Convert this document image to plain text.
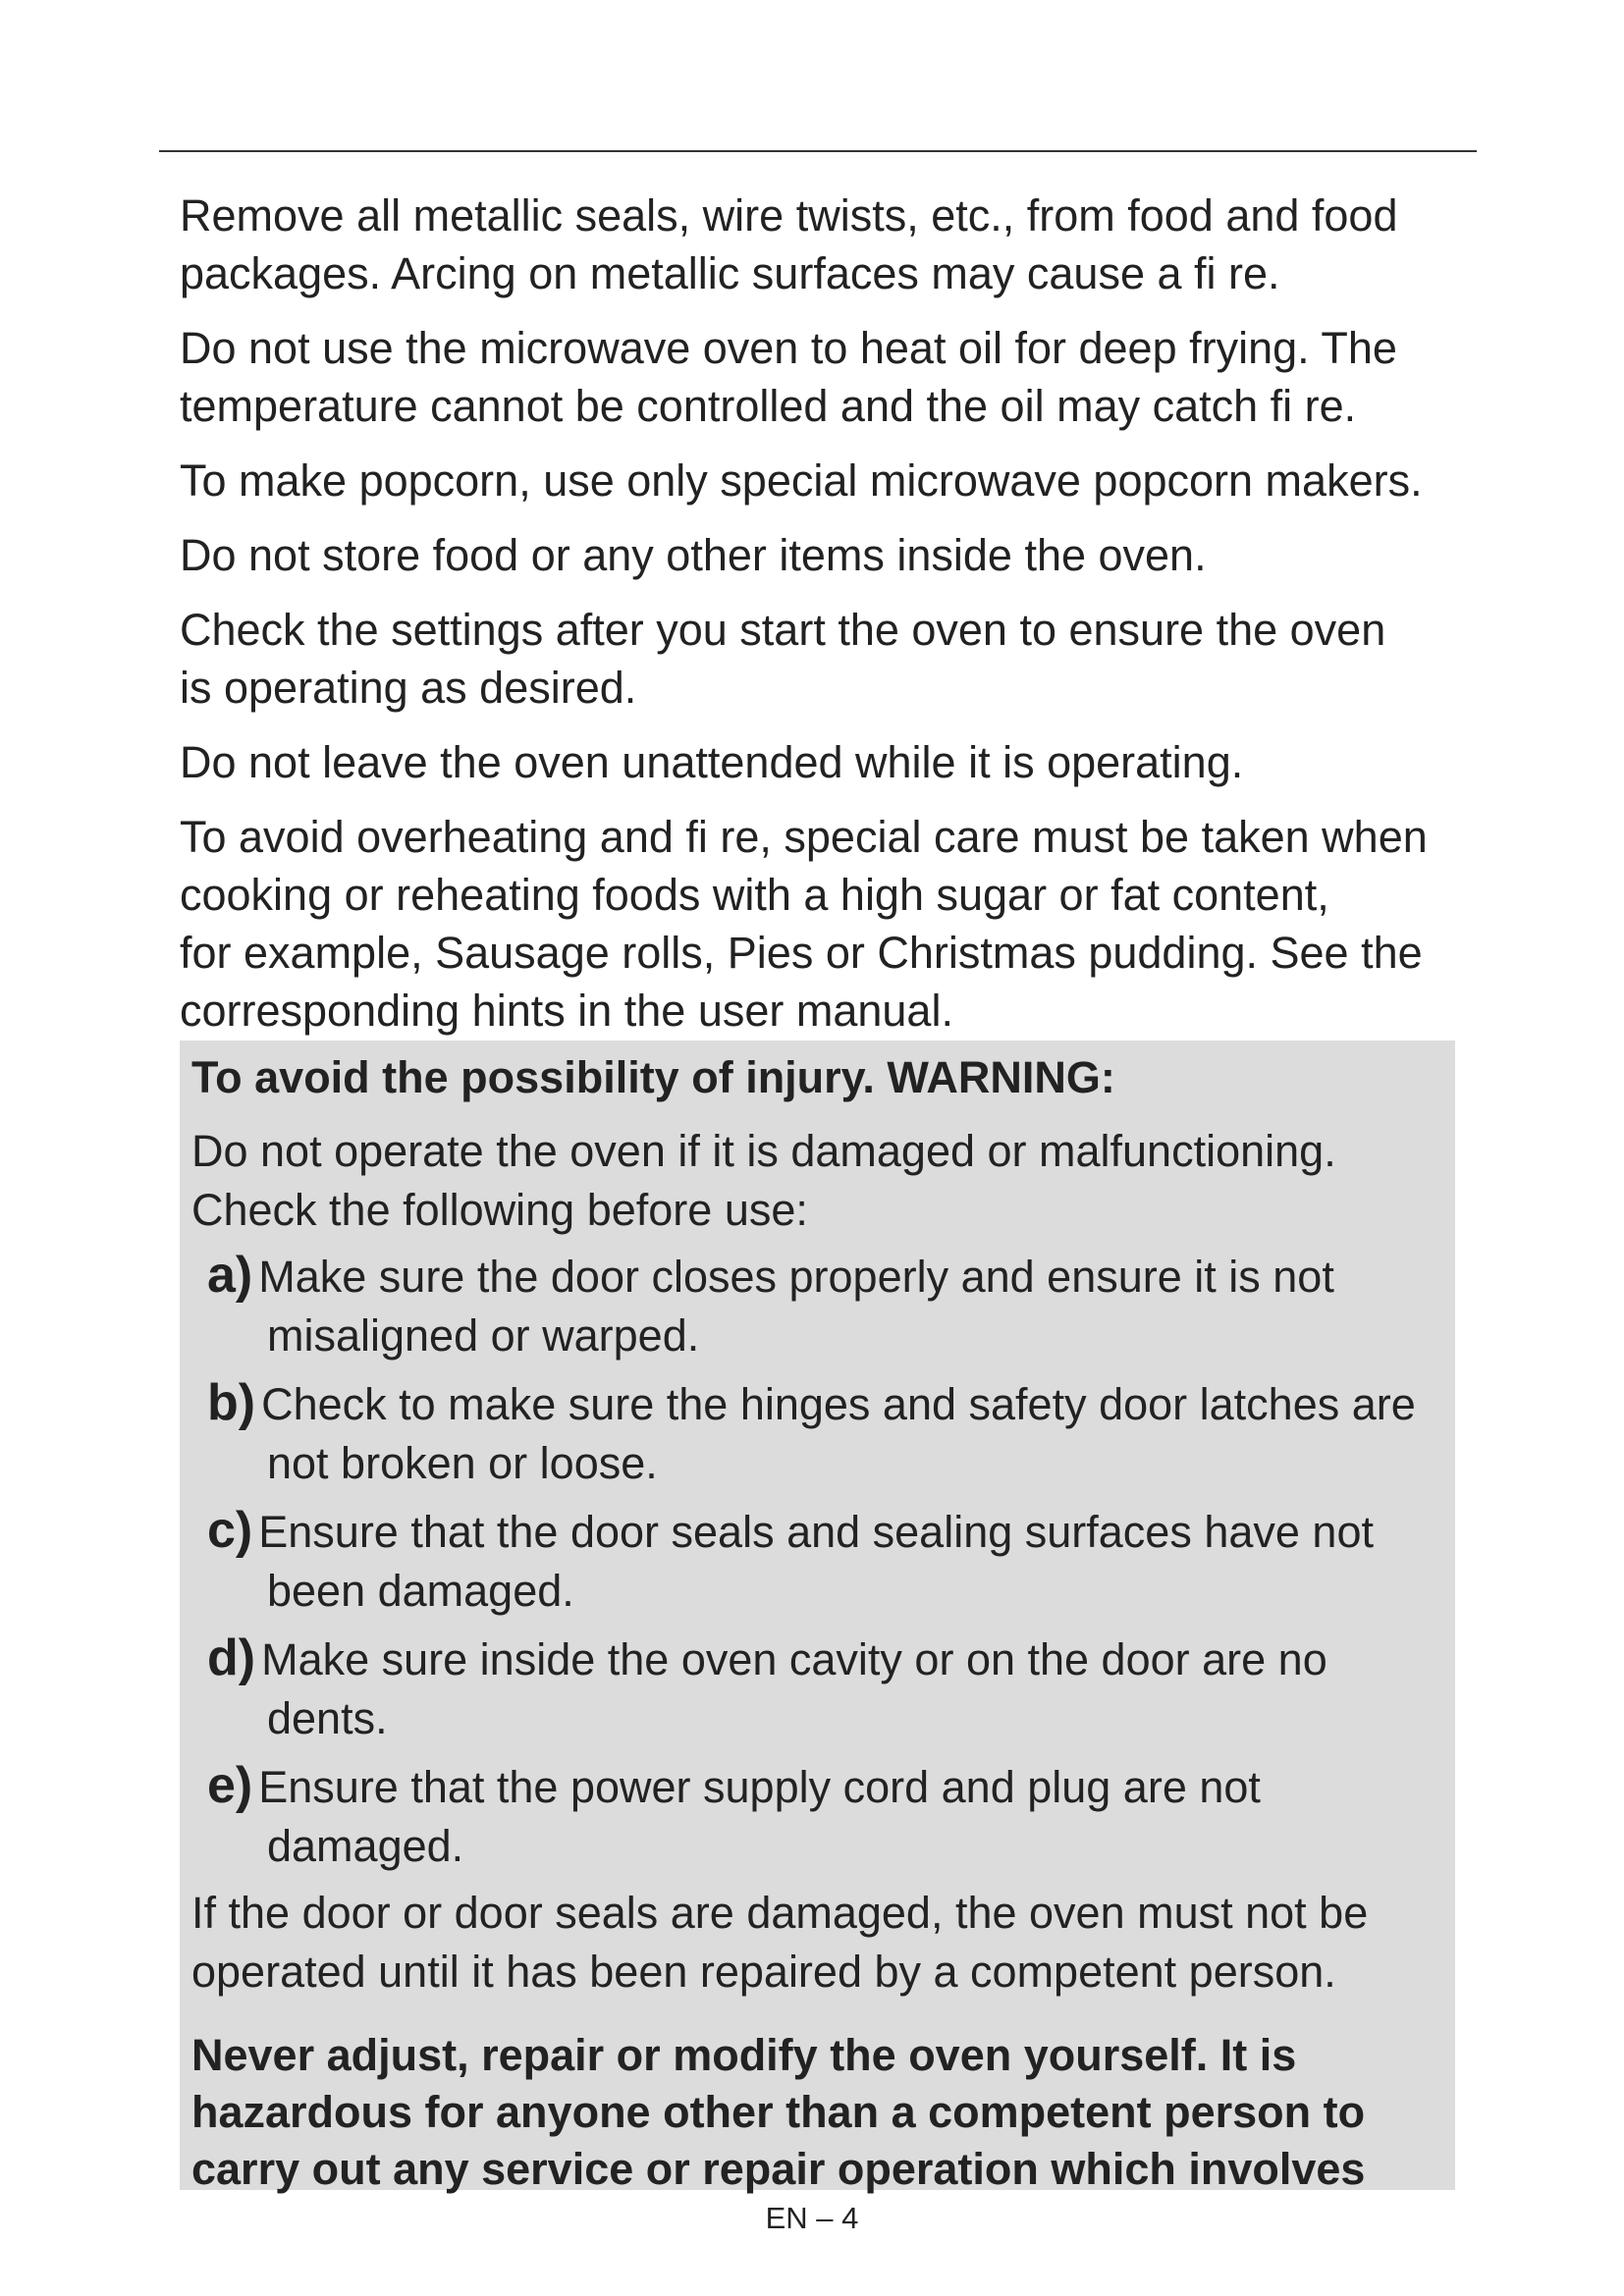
Remove all metallic seals, wire twists, etc., from food and food
packages. Arcing on metallic surfaces may cause a fi re.
Do not use the microwave oven to heat oil for deep frying. The
temperature cannot be controlled and the oil may catch fi re.
To make popcorn, use only special microwave popcorn makers.
Do not store food or any other items inside the oven.
Check the settings after you start the oven to ensure the oven
is operating as desired.
Do not leave the oven unattended while it is operating.
To avoid overheating and fi re, special care must be taken when
cooking or reheating foods with a high sugar or fat content,
for example, Sausage rolls, Pies or Christmas pudding. See the
corresponding hints in the user manual.
To avoid the possibility of injury. WARNING:
Do not operate the oven if it is damaged or malfunctioning.
Check the following before use:
a) Make sure the door closes properly and ensure it is not
misaligned or warped.
b) Check to make sure the hinges and safety door latches are
not broken or loose.
c) Ensure that the door seals and sealing surfaces have not
been damaged.
d) Make sure inside the oven cavity or on the door are no
dents.
e) Ensure that the power supply cord and plug are not
damaged.
If the door or door seals are damaged, the oven must not be
operated until it has been repaired by a competent person.
Never adjust, repair or modify the oven yourself. It is
hazardous for anyone other than a competent person to
carry out any service or repair operation which involves
EN – 4
